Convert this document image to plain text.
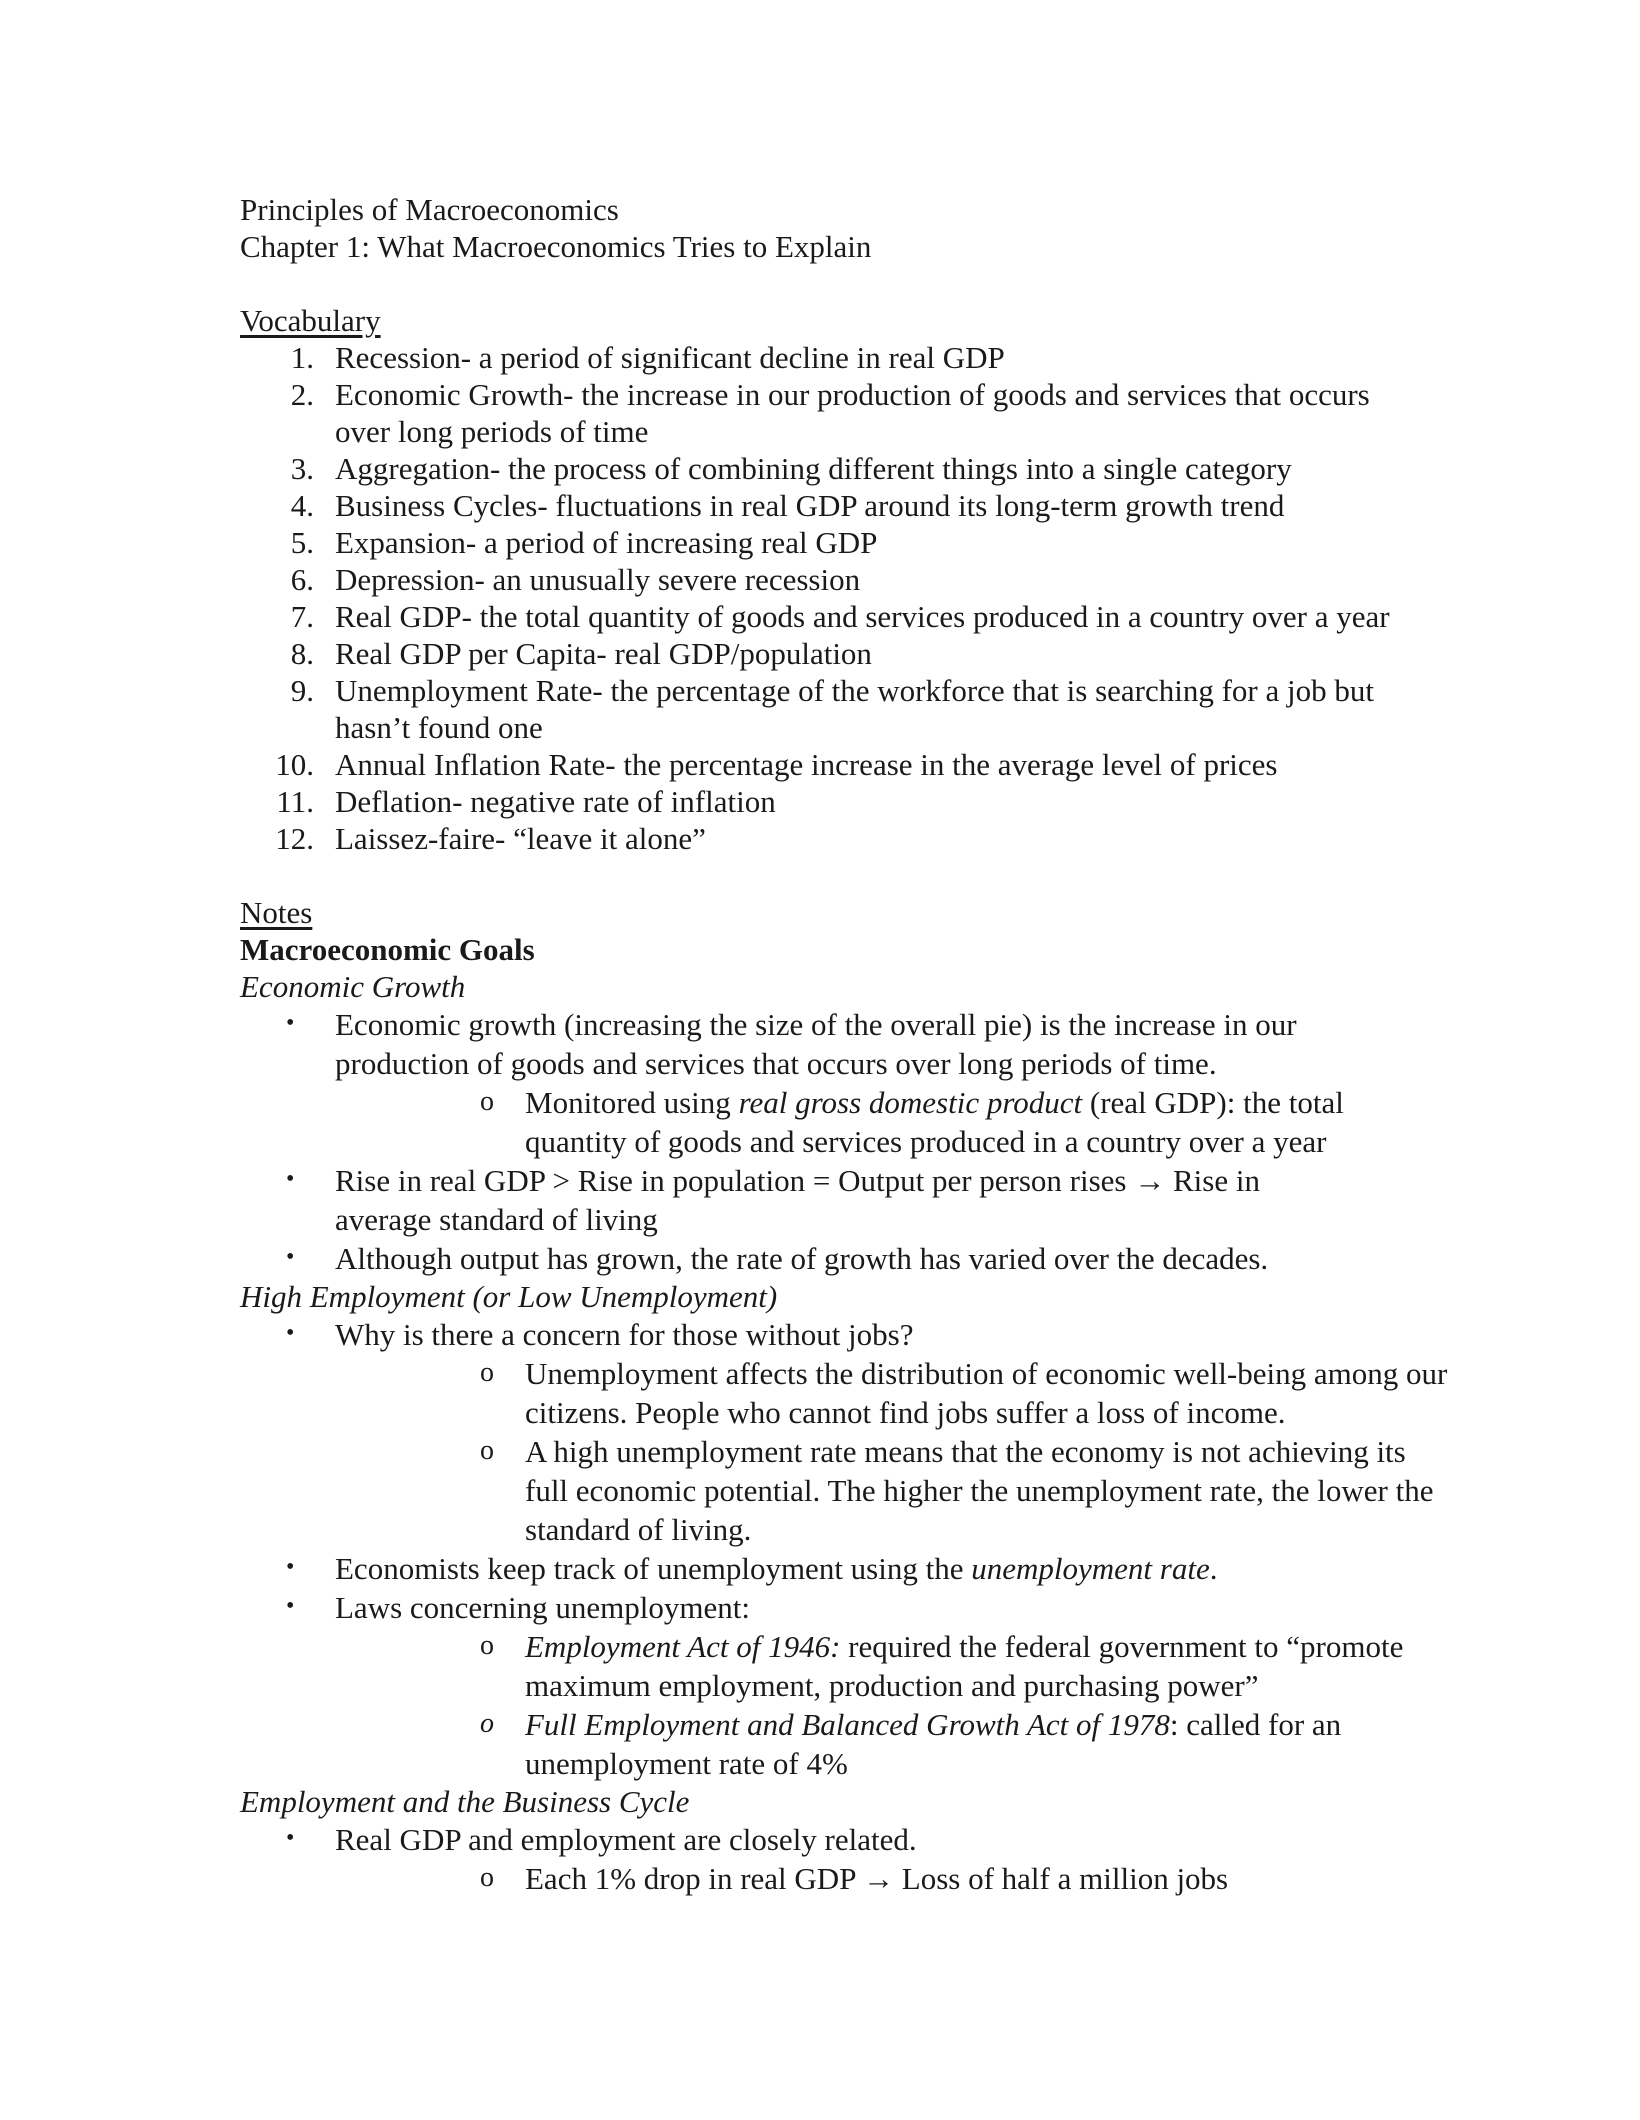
Principles of Macroeconomics
Chapter 1: What Macroeconomics Tries to Explain
Vocabulary
1. Recession- a period of significant decline in real GDP
2. Economic Growth- the increase in our production of goods and services that occurs over long periods of time
3. Aggregation- the process of combining different things into a single category
4. Business Cycles- fluctuations in real GDP around its long-term growth trend
5. Expansion- a period of increasing real GDP
6. Depression- an unusually severe recession
7. Real GDP- the total quantity of goods and services produced in a country over a year
8. Real GDP per Capita- real GDP/population
9. Unemployment Rate- the percentage of the workforce that is searching for a job but hasn’t found one
10. Annual Inflation Rate- the percentage increase in the average level of prices
11. Deflation- negative rate of inflation
12. Laissez-faire- “leave it alone”
Notes
Macroeconomic Goals
Economic Growth
• Economic growth (increasing the size of the overall pie) is the increase in our
production of goods and services that occurs over long periods of time.
o Monitored using real gross domestic product (real GDP): the total
quantity of goods and services produced in a country over a year
• Rise in real GDP > Rise in population = Output per person rises → Rise in
average standard of living
• Although output has grown, the rate of growth has varied over the decades.
High Employment (or Low Unemployment)
• Why is there a concern for those without jobs?
o Unemployment affects the distribution of economic well-being among our
citizens. People who cannot find jobs suffer a loss of income.
o A high unemployment rate means that the economy is not achieving its
full economic potential. The higher the unemployment rate, the lower the
standard of living.
• Economists keep track of unemployment using the unemployment rate.
• Laws concerning unemployment:
o Employment Act of 1946: required the federal government to “promote
maximum employment, production and purchasing power”
o Full Employment and Balanced Growth Act of 1978: called for an
unemployment rate of 4%
Employment and the Business Cycle
• Real GDP and employment are closely related.
o Each 1% drop in real GDP → Loss of half a million jobs
